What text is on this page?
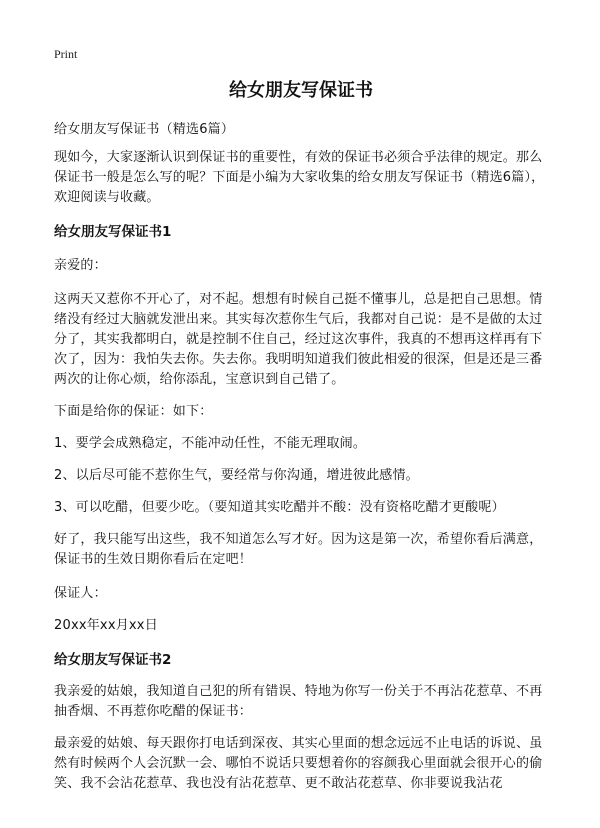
Print
给女朋友写保证书

给女朋友写保证书（精选6篇）

现如今，大家逐渐认识到保证书的重要性，有效的保证书必须合乎法律的规定。那么保证书一般是怎么写的呢？下面是小编为大家收集的给女朋友写保证书（精选6篇），欢迎阅读与收藏。

给女朋友写保证书1

亲爱的：

这两天又惹你不开心了，对不起。想想有时候自己挺不懂事儿，总是把自己思想。情绪没有经过大脑就发泄出来。其实每次惹你生气后，我都对自己说：是不是做的太过分了，其实我都明白，就是控制不住自己，经过这次事件，我真的不想再这样再有下次了，因为：我怕失去你。失去你。我明明知道我们彼此相爱的很深，但是还是三番两次的让你心烦，给你添乱，宝意识到自己错了。

下面是给你的保证：如下：

1、要学会成熟稳定，不能冲动任性，不能无理取闹。

2、以后尽可能不惹你生气，要经常与你沟通，增进彼此感情。

3、可以吃醋，但要少吃。（要知道其实吃醋并不酸：没有资格吃醋才更酸呢）

好了，我只能写出这些，我不知道怎么写才好。因为这是第一次，希望你看后满意，保证书的生效日期你看后在定吧！

保证人：

20xx年xx月xx日

给女朋友写保证书2

我亲爱的姑娘，我知道自己犯的所有错误、特地为你写一份关于不再沾花惹草、不再抽香烟、不再惹你吃醋的保证书：

最亲爱的姑娘、每天跟你打电话到深夜、其实心里面的想念远远不止电话的诉说、虽然有时候两个人会沉默一会、哪怕不说话只要想着你的容颜我心里面就会很开心的偷笑、我不会沾花惹草、我也没有沾花惹草、更不敢沾花惹草、你非要说我沾花
